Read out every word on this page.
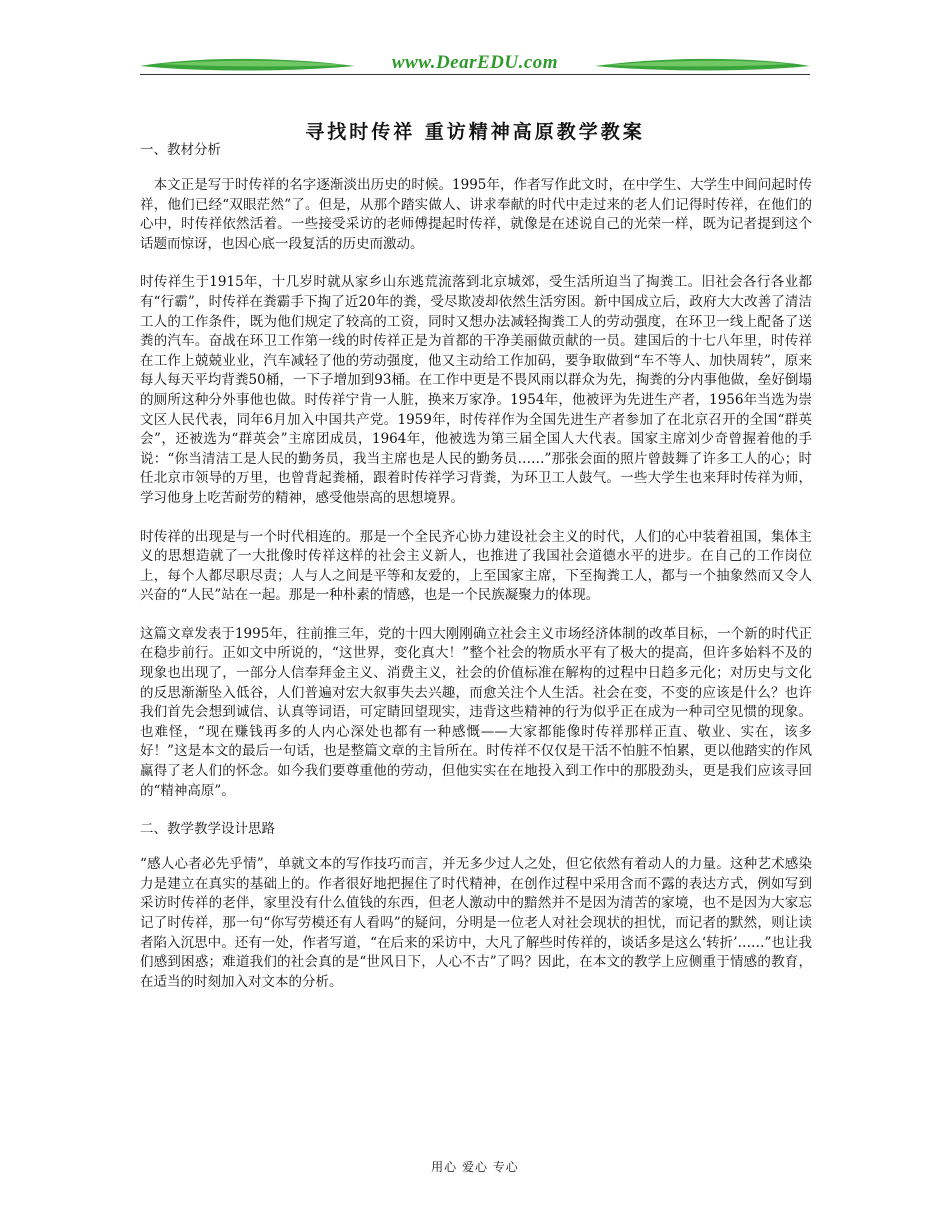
www.DearEDU.com
寻找时传祥 重访精神高原教学教案

一、教材分析

　本文正是写于时传祥的名字逐渐淡出历史的时候。1995年，作者写作此文时，在中学生、大学生中间问起时传祥，他们已经“双眼茫然”了。但是，从那个踏实做人、讲求奉献的时代中走过来的老人们记得时传祥，在他们的心中，时传祥依然活着。一些接受采访的老师傅提起时传祥，就像是在述说自己的光荣一样，既为记者提到这个话题而惊讶，也因心底一段复活的历史而激动。

时传祥生于1915年，十几岁时就从家乡山东逃荒流落到北京城郊，受生活所迫当了掏粪工。旧社会各行各业都有“行霸”，时传祥在粪霸手下掏了近20年的粪，受尽欺凌却依然生活穷困。新中国成立后，政府大大改善了清洁工人的工作条件，既为他们规定了较高的工资，同时又想办法减轻掏粪工人的劳动强度，在环卫一线上配备了送粪的汽车。奋战在环卫工作第一线的时传祥正是为首都的干净美丽做贡献的一员。建国后的十七八年里，时传祥在工作上兢兢业业，汽车减轻了他的劳动强度，他又主动给工作加码，要争取做到“车不等人、加快周转”，原来每人每天平均背粪50桶，一下子增加到93桶。在工作中更是不畏风雨以群众为先，掏粪的分内事他做，垒好倒塌的厕所这种分外事他也做。时传祥宁肯一人脏，换来万家净。1954年，他被评为先进生产者，1956年当选为崇文区人民代表，同年6月加入中国共产党。1959年，时传祥作为全国先进生产者参加了在北京召开的全国“群英会”，还被选为“群英会”主席团成员，1964年，他被选为第三届全国人大代表。国家主席刘少奇曾握着他的手说：“你当清洁工是人民的勤务员，我当主席也是人民的勤务员……”那张会面的照片曾鼓舞了许多工人的心；时任北京市领导的万里，也曾背起粪桶，跟着时传祥学习背粪，为环卫工人鼓气。一些大学生也来拜时传祥为师，学习他身上吃苦耐劳的精神，感受他崇高的思想境界。

时传祥的出现是与一个时代相连的。那是一个全民齐心协力建设社会主义的时代，人们的心中装着祖国，集体主义的思想造就了一大批像时传祥这样的社会主义新人，也推进了我国社会道德水平的进步。在自己的工作岗位上，每个人都尽职尽责；人与人之间是平等和友爱的，上至国家主席，下至掏粪工人，都与一个抽象然而又令人兴奋的“人民”站在一起。那是一种朴素的情感，也是一个民族凝聚力的体现。

这篇文章发表于1995年，往前推三年，党的十四大刚刚确立社会主义市场经济体制的改革目标，一个新的时代正在稳步前行。正如文中所说的，“这世界，变化真大！”整个社会的物质水平有了极大的提高，但许多始料不及的现象也出现了，一部分人信奉拜金主义、消费主义，社会的价值标准在解构的过程中日趋多元化；对历史与文化的反思渐渐坠入低谷，人们普遍对宏大叙事失去兴趣，而愈关注个人生活。社会在变，不变的应该是什么？也许我们首先会想到诚信、认真等词语，可定睛回望现实，违背这些精神的行为似乎正在成为一种司空见惯的现象。也难怪，“现在赚钱再多的人内心深处也都有一种感慨——大家都能像时传祥那样正直、敬业、实在，该多好！”这是本文的最后一句话，也是整篇文章的主旨所在。时传祥不仅仅是干活不怕脏不怕累，更以他踏实的作风赢得了老人们的怀念。如今我们要尊重他的劳动，但他实实在在地投入到工作中的那股劲头，更是我们应该寻回的“精神高原”。

二、教学教学设计思路

“感人心者必先乎情”，单就文本的写作技巧而言，并无多少过人之处，但它依然有着动人的力量。这种艺术感染力是建立在真实的基础上的。作者很好地把握住了时代精神，在创作过程中采用含而不露的表达方式，例如写到采访时传祥的老伴，家里没有什么值钱的东西，但老人激动中的黯然并不是因为清苦的家境，也不是因为大家忘记了时传祥，那一句“你写劳模还有人看吗”的疑问，分明是一位老人对社会现状的担忧，而记者的默然，则让读者陷入沉思中。还有一处，作者写道，“在后来的采访中，大凡了解些时传祥的，谈话多是这么‘转折’……”也让我们感到困惑；难道我们的社会真的是“世风日下，人心不古”了吗？因此，在本文的教学上应侧重于情感的教育，在适当的时刻加入对文本的分析。

用心 爱心 专心
